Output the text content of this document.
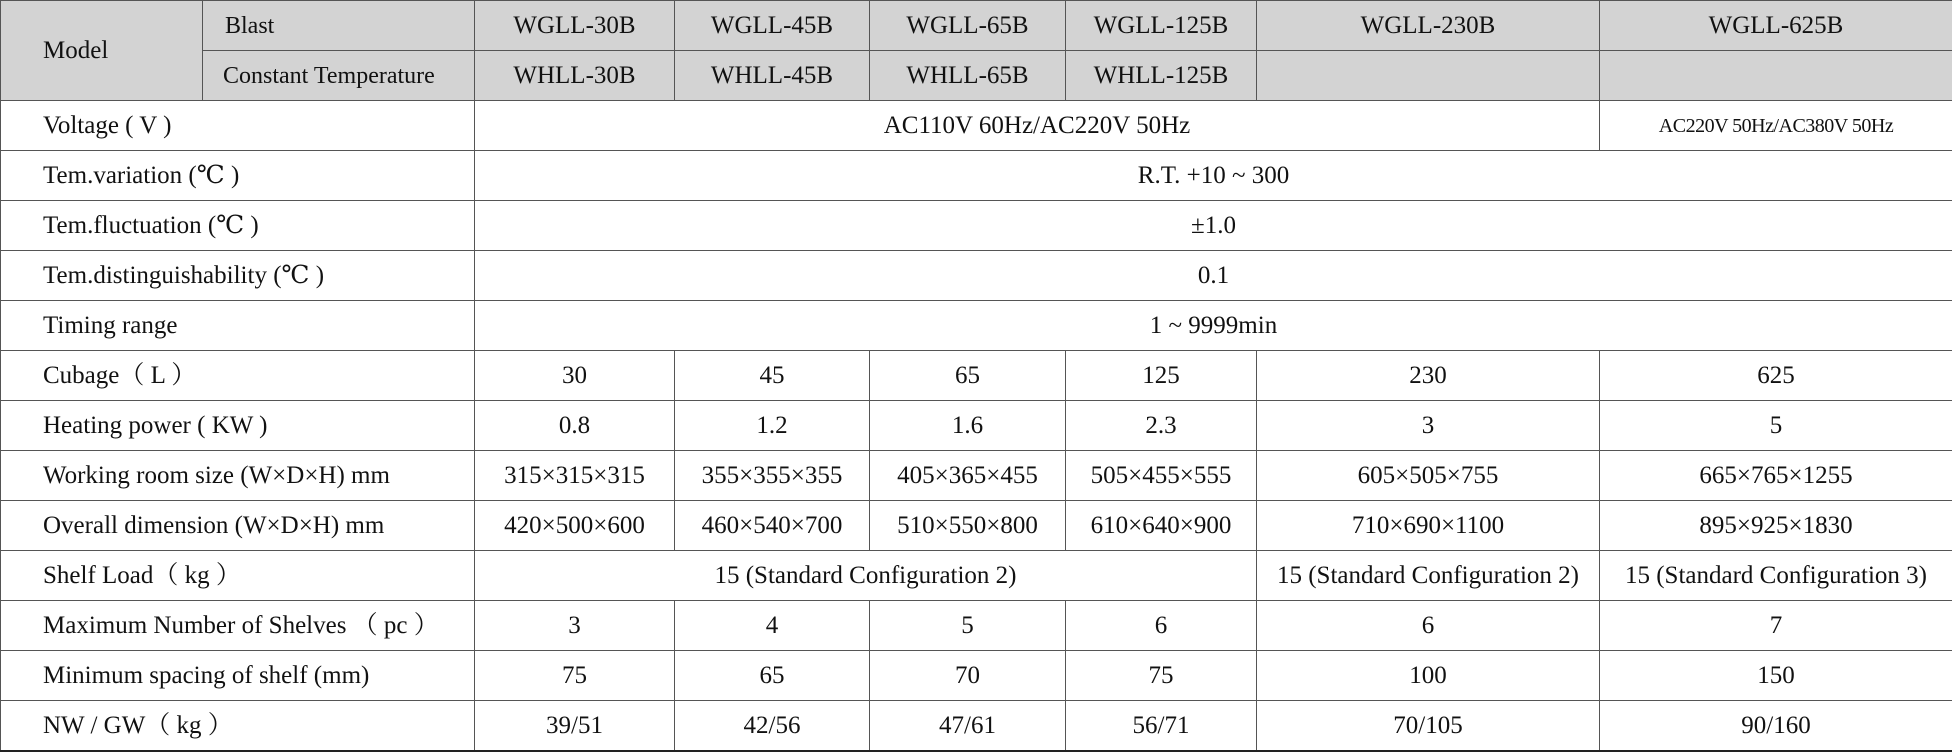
Model	Blast	WGLL-30B	WGLL-45B	WGLL-65B	WGLL-125B	WGLL-230B	WGLL-625B
	Constant Temperature	WHLL-30B	WHLL-45B	WHLL-65B	WHLL-125B		
Voltage ( V )		AC110V 60Hz/AC220V 50Hz					AC220V 50Hz/AC380V 50Hz
Tem.variation (℃ )		R.T. +10 ~ 300					
Tem.fluctuation (℃ )		±1.0					
Tem.distinguishability (℃ )		0.1					
Timing range		1 ~ 9999min					
Cubage（ L ）		30	45	65	125	230	625
Heating power ( KW )		0.8	1.2	1.6	2.3	3	5
Working room size (W×D×H) mm		315×315×315	355×355×355	405×365×455	505×455×555	605×505×755	665×765×1255
Overall dimension (W×D×H) mm		420×500×600	460×540×700	510×550×800	610×640×900	710×690×1100	895×925×1830
Shelf Load（ kg ）		15 (Standard Configuration 2)				15 (Standard Configuration 2)	15 (Standard Configuration 3)
Maximum Number of Shelves （ pc ）		3	4	5	6	6	7
Minimum spacing of shelf (mm)		75	65	70	75	100	150
NW / GW（ kg ）		39/51	42/56	47/61	56/71	70/105	90/160
